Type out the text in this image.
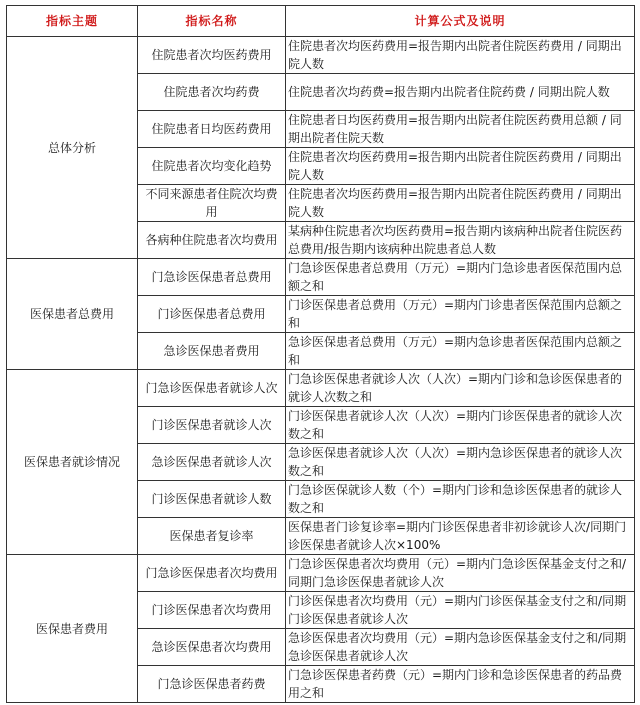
指标主题	指标名称	计算公式及说明
总体分析	住院患者次均医药费用	住院患者次均医药费用=报告期内出院者住院医药费用 / 同期出院人数
	住院患者次均药费	住院患者次均药费=报告期内出院者住院药费 / 同期出院人数
	住院患者日均医药费用	住院患者日均医药费用=报告期内出院者住院医药费用总额 / 同期出院者住院天数
	住院患者次均变化趋势	住院患者次均医药费用=报告期内出院者住院医药费用 / 同期出院人数
	不同来源患者住院次均费用	住院患者次均医药费用=报告期内出院者住院医药费用 / 同期出院人数
	各病种住院患者次均费用	某病种住院患者次均医药费用=报告期内该病种出院者住院医药总费用/报告期内该病种出院患者总人数
医保患者总费用	门急诊医保患者总费用	门急诊医保患者总费用（万元）=期内门急诊患者医保范围内总额之和
	门诊医保患者总费用	门诊医保患者总费用（万元）=期内门诊患者医保范围内总额之和
	急诊医保患者费用	急诊医保患者总费用（万元）=期内急诊患者医保范围内总额之和
医保患者就诊情况	门急诊医保患者就诊人次	门急诊医保患者就诊人次（人次）=期内门诊和急诊医保患者的就诊人次数之和
	门诊医保患者就诊人次	门诊医保患者就诊人次（人次）=期内门诊医保患者的就诊人次数之和
	急诊医保患者就诊人次	急诊医保患者就诊人次（人次）=期内急诊医保患者的就诊人次数之和
	门诊医保患者就诊人数	门急诊医保就诊人数（个）=期内门诊和急诊医保患者的就诊人数之和
	医保患者复诊率	医保患者门诊复诊率=期内门诊医保患者非初诊就诊人次/同期门诊医保患者就诊人次×100%
医保患者费用	门急诊医保患者次均费用	门急诊医保患者次均费用（元）=期内门急诊医保基金支付之和/同期门急诊医保患者就诊人次
	门诊医保患者次均费用	门诊医保患者次均费用（元）=期内门诊医保基金支付之和/同期门诊医保患者就诊人次
	急诊医保患者次均费用	急诊医保患者次均费用（元）=期内急诊医保基金支付之和/同期急诊医保患者就诊人次
	门急诊医保患者药费	门急诊医保患者药费（元）=期内门诊和急诊医保患者的药品费用之和
